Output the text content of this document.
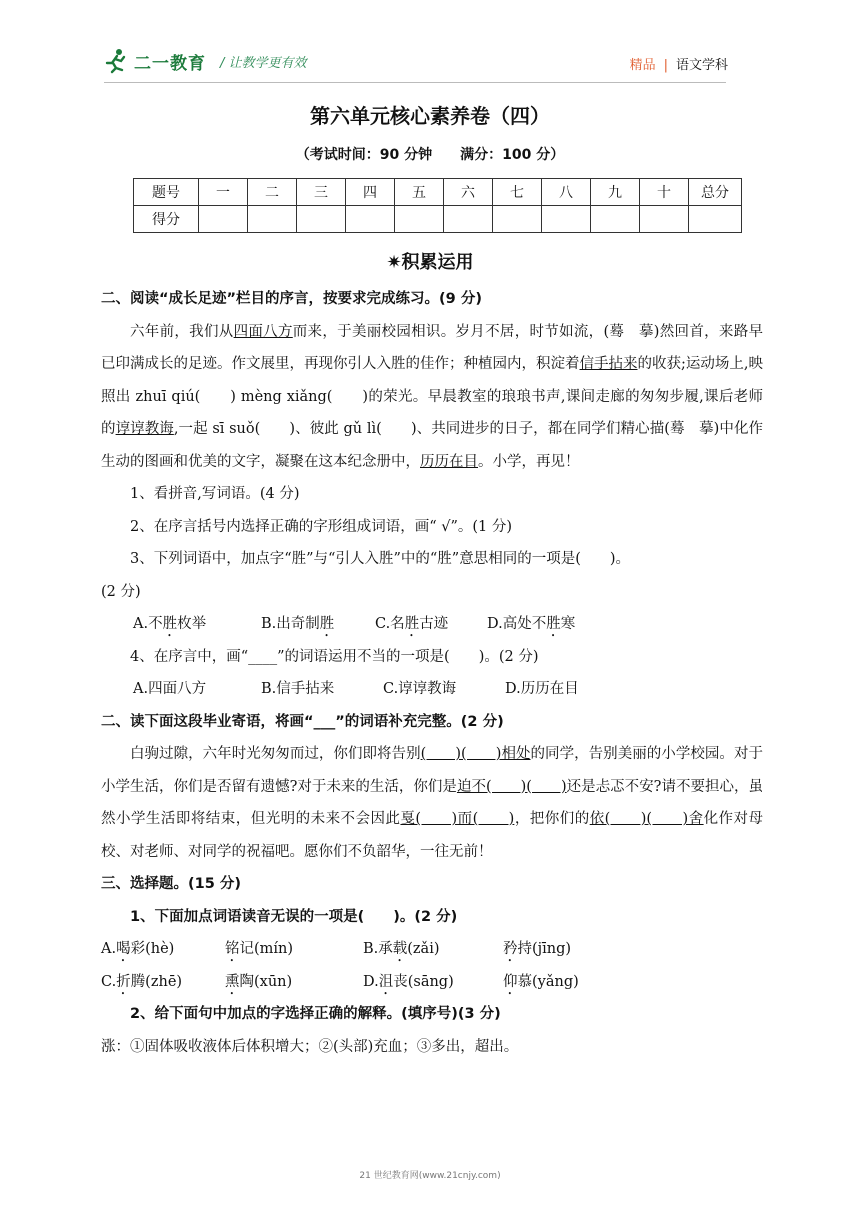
二一教育 / 让教学更有效	精品 | 语文学科
第六单元核心素养卷（四）
（考试时间：90 分钟 满分：100 分）
题号	一	二	三	四	五	六	七	八	九	十	总分
得分											
✷积累运用
二、阅读“成长足迹”栏目的序言，按要求完成练习。(9 分)
六年前，我们从四面八方而来，于美丽校园相识。岁月不居，时节如流，(蓦　摹)然回首，来路早已印满成长的足迹。作文展里，再现你引人入胜的佳作；种植园内，积淀着信手拈来的收获;运动场上,映照出 zhuī qiú(　　) mèng xiǎng(　　)的荣光。早晨教室的琅琅书声,课间走廊的匆匆步履,课后老师的谆谆教诲,一起 sī suǒ(　　)、彼此 gǔ lì(　　)、共同进步的日子，都在同学们精心描(蓦　摹)中化作生动的图画和优美的文字，凝聚在这本纪念册中，历历在目。小学，再见！
1、看拼音,写词语。(4 分)
2、在序言括号内选择正确的字形组成词语，画“ √”。(1 分)
3、下列词语中，加点字“胜”与“引人入胜”中的“胜”意思相同的一项是(　　)。
(2 分)
A.不胜枚举	B.出奇制胜	C.名胜古迹	D.高处不胜寒
4、在序言中，画“____”的词语运用不当的一项是(　　)。(2 分)
A.四面八方	B.信手拈来	C.谆谆教诲	D.历历在目
二、读下面这段毕业寄语，将画“___”的词语补充完整。(2 分)
白驹过隙，六年时光匆匆而过，你们即将告别(　　)(　　)相处的同学，告别美丽的小学校园。对于小学生活，你们是否留有遗憾?对于未来的生活，你们是迫不(　　)(　　)还是忐忑不安?请不要担心，虽然小学生活即将结束，但光明的未来不会因此戛(　　)而(　　)，把你们的依(　　)(　　)舍化作对母校、对老师、对同学的祝福吧。愿你们不负韶华，一往无前！
三、选择题。(15 分)
1、下面加点词语读音无误的一项是(　　)。(2 分)
A.喝彩(hè)	铭记(mín)	B.承载(zǎi)	矜持(jīng)
C.折腾(zhē)	熏陶(xūn)	D.沮丧(sāng)	仰慕(yǎng)
2、给下面句中加点的字选择正确的解释。(填序号)(3 分)
涨：①固体吸收液体后体积增大；②(头部)充血；③多出，超出。
21 世纪教育网(www.21cnjy.com)
